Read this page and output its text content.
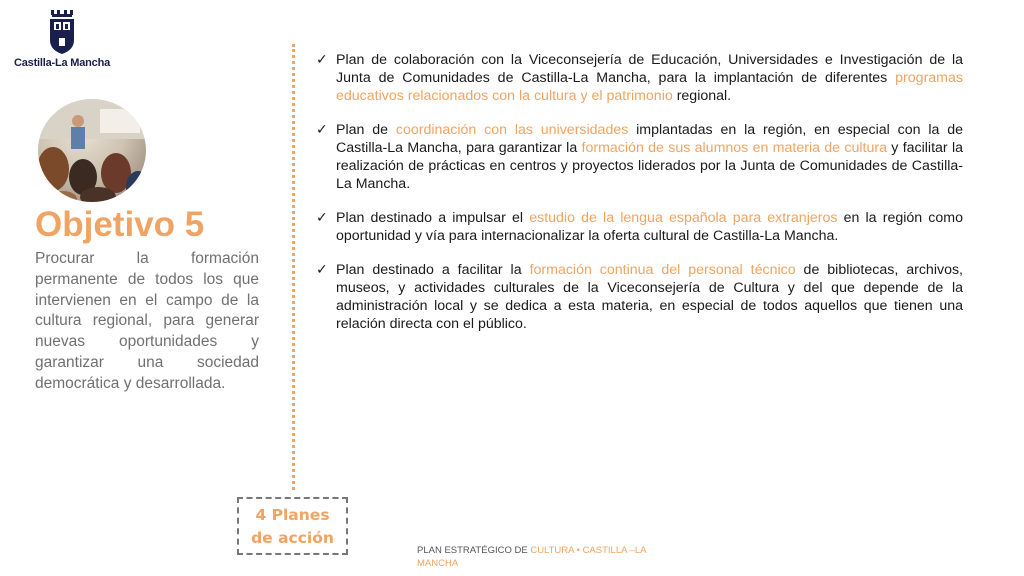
Castilla-La Mancha
Objetivo 5

Procurar la formación permanente de todos los que intervienen en el campo de la cultura regional, para generar nuevas oportunidades y garantizar una sociedad democrática y desarrollada.

4 Planes
de acción
✓ Plan de colaboración con la Viceconsejería de Educación, Universidades e Investigación de la Junta de Comunidades de Castilla-La Mancha, para la implantación de diferentes programas educativos relacionados con la cultura y el patrimonio regional.
✓ Plan de coordinación con las universidades implantadas en la región, en especial con la de Castilla-La Mancha, para garantizar la formación de sus alumnos en materia de cultura y facilitar la realización de prácticas en centros y proyectos liderados por la Junta de Comunidades de Castilla-La Mancha.
✓ Plan destinado a impulsar el estudio de la lengua española para extranjeros en la región como oportunidad y vía para internacionalizar la oferta cultural de Castilla-La Mancha.
✓ Plan destinado a facilitar la formación continua del personal técnico de bibliotecas, archivos, museos, y actividades culturales de la Viceconsejería de Cultura y del que depende de la administración local y se dedica a esta materia, en especial de todos aquellos que tienen una relación directa con el público.
PLAN ESTRATÉGICO DE CULTURA • CASTILLA –LA MANCHA
